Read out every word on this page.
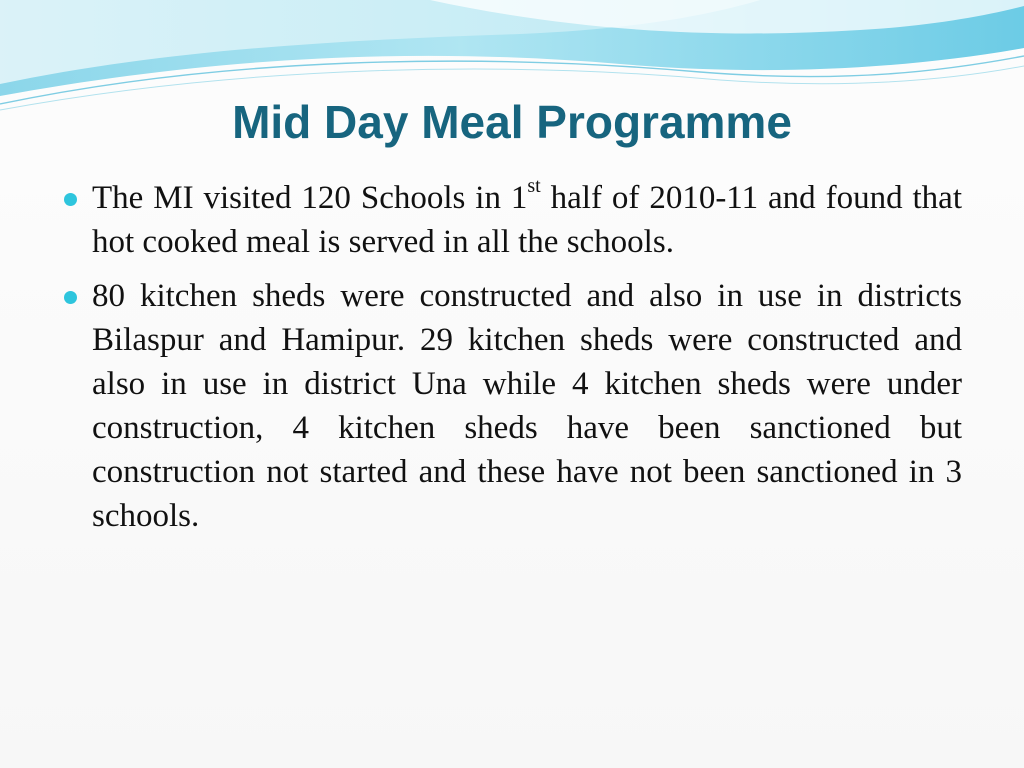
Mid Day Meal Programme
The MI visited 120 Schools in 1st half of 2010-11 and found that hot cooked meal is served in all the schools.
80 kitchen sheds were constructed and also in use in districts Bilaspur and Hamipur. 29 kitchen sheds were constructed and also in use in district Una while 4 kitchen sheds were under construction, 4 kitchen sheds have been sanctioned but construction not started and these have not been sanctioned in 3 schools.
